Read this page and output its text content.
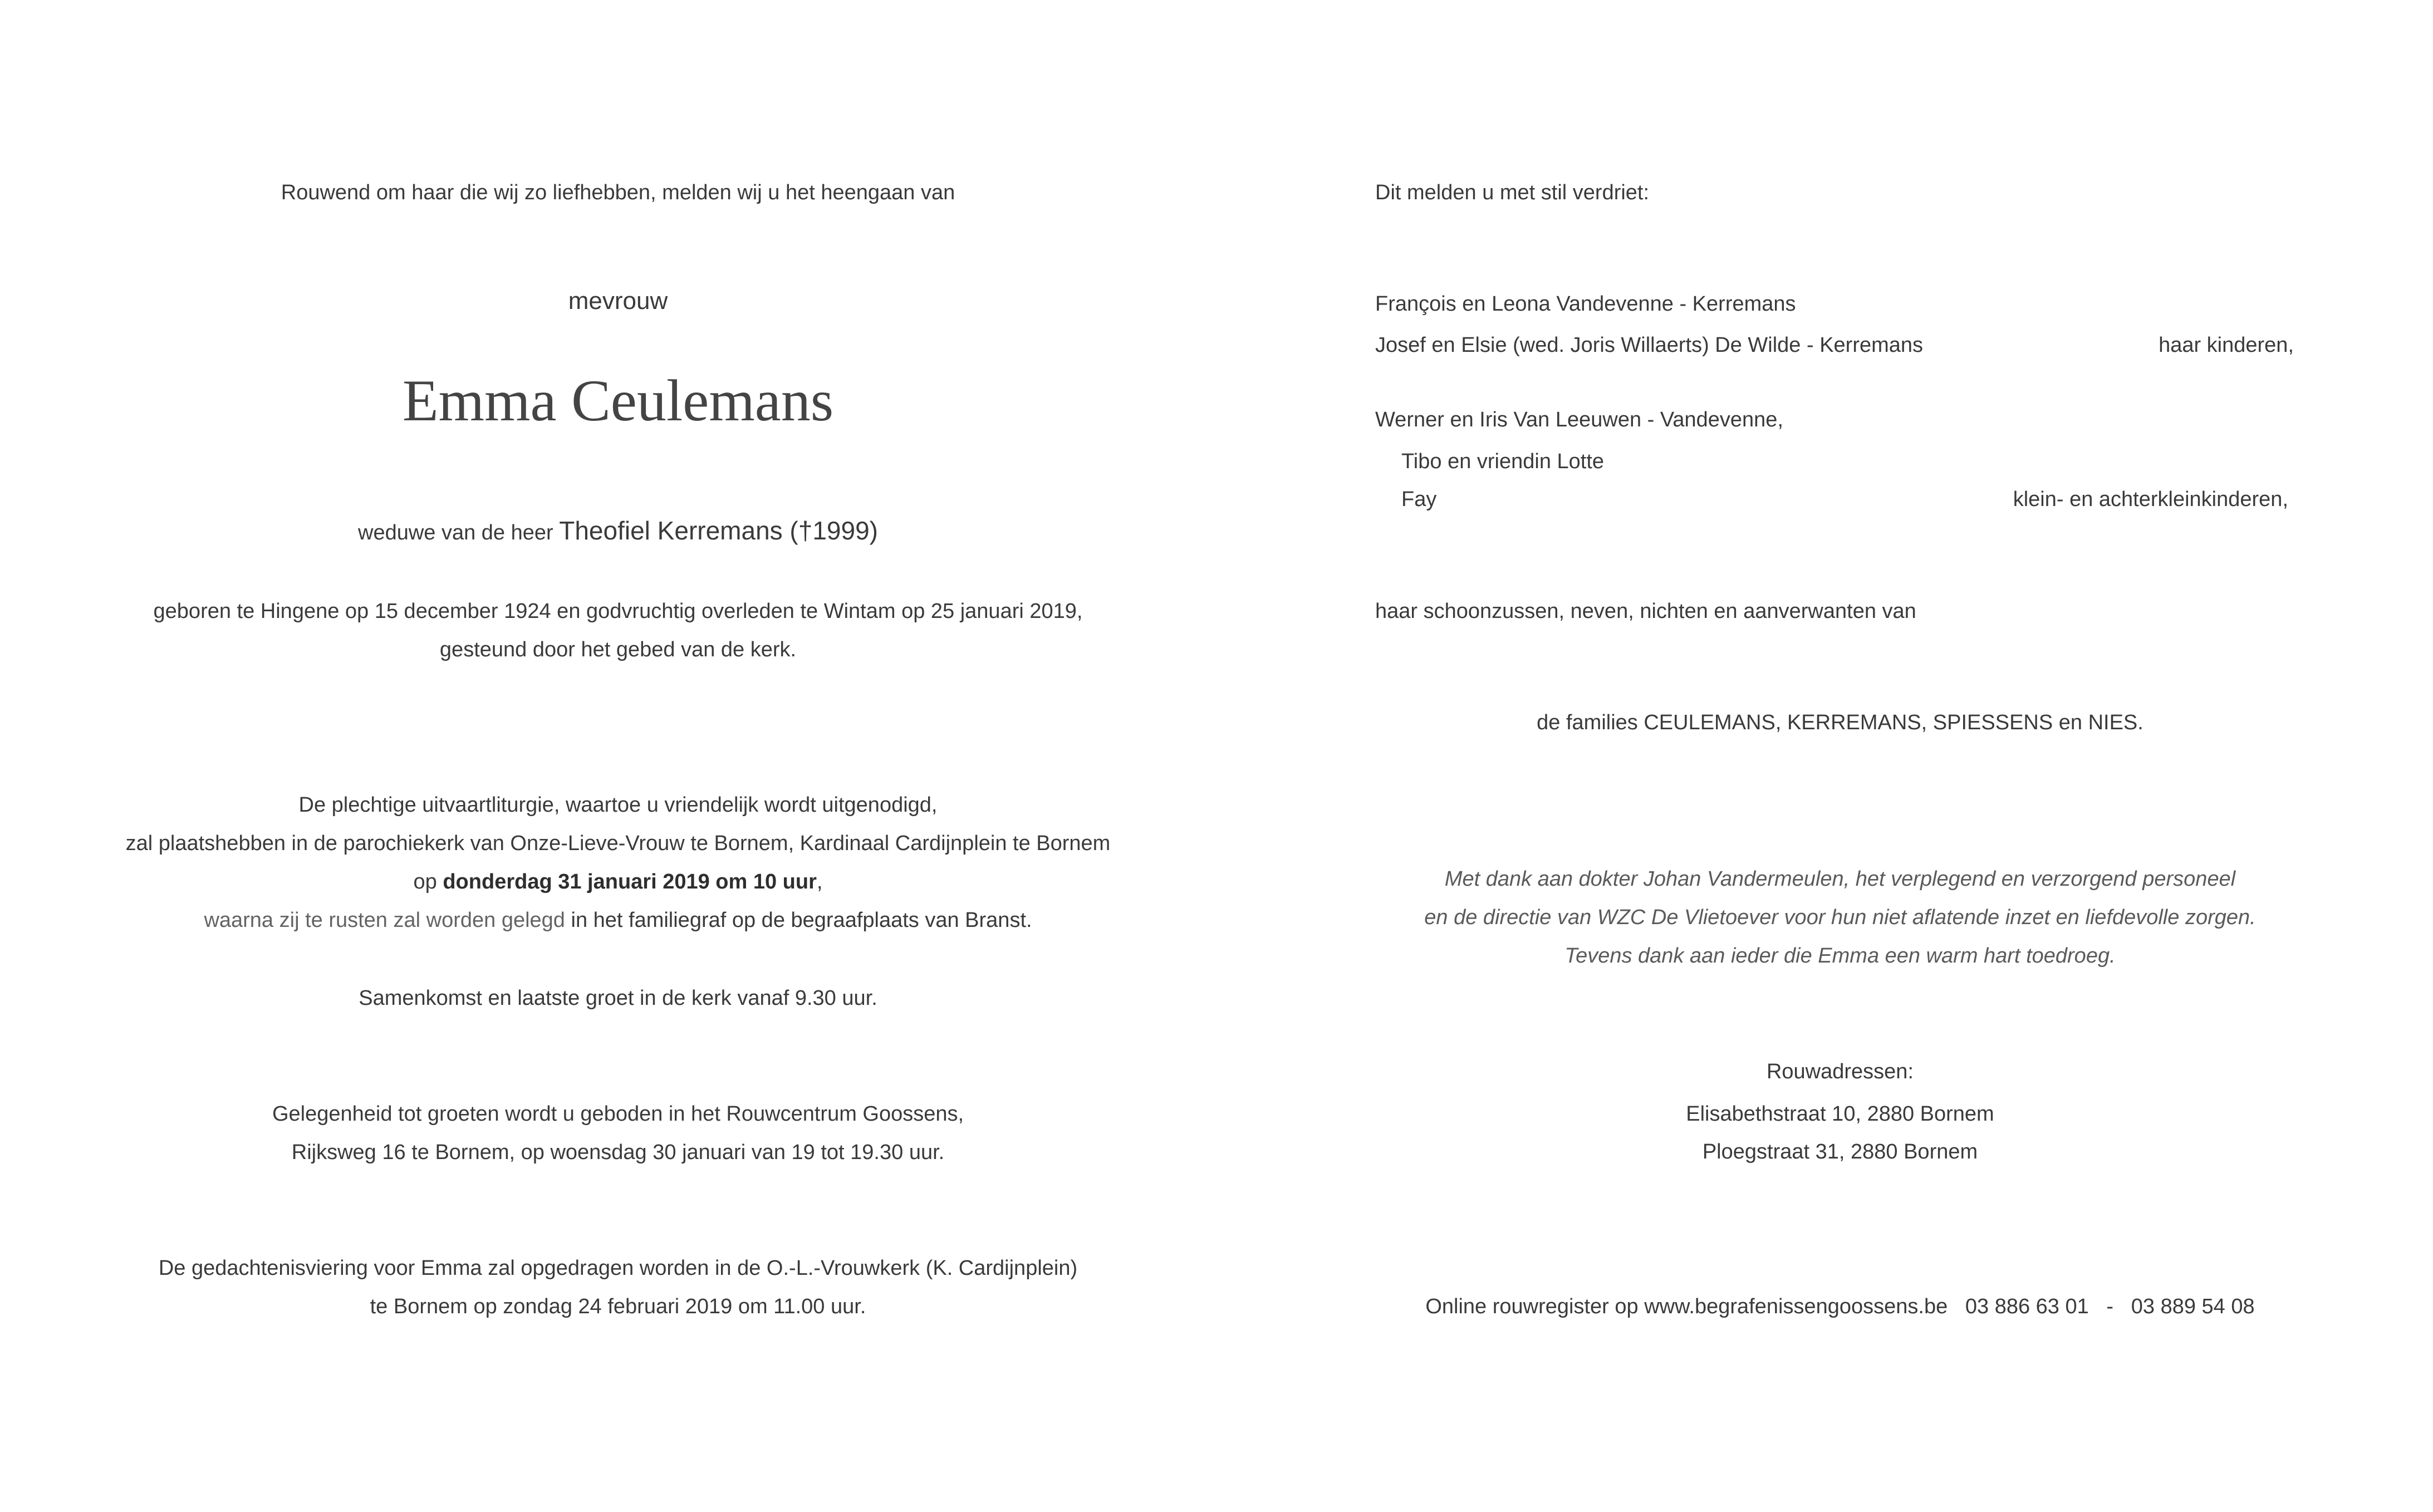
Rouwend om haar die wij zo liefhebben, melden wij u het heengaan van
mevrouw
Emma Ceulemans
weduwe van de heer Theofiel Kerremans (†1999)
geboren te Hingene op 15 december 1924 en godvruchtig overleden te Wintam op 25 januari 2019,
gesteund door het gebed van de kerk.
De plechtige uitvaartliturgie, waartoe u vriendelijk wordt uitgenodigd,
zal plaatshebben in de parochiekerk van Onze-Lieve-Vrouw te Bornem, Kardinaal Cardijnplein te Bornem
op donderdag 31 januari 2019 om 10 uur,
waarna zij te rusten zal worden gelegd in het familiegraf op de begraafplaats van Branst.
Samenkomst en laatste groet in de kerk vanaf 9.30 uur.
Gelegenheid tot groeten wordt u geboden in het Rouwcentrum Goossens,
Rijksweg 16 te Bornem, op woensdag 30 januari van 19 tot 19.30 uur.
De gedachtenisviering voor Emma zal opgedragen worden in de O.-L.-Vrouwkerk (K. Cardijnplein)
te Bornem op zondag 24 februari 2019 om 11.00 uur.
Dit melden u met stil verdriet:
François en Leona Vandevenne - Kerremans
Josef en Elsie (wed. Joris Willaerts) De Wilde - Kerremans	haar kinderen,
Werner en Iris Van Leeuwen - Vandevenne,
Tibo en vriendin Lotte
Fay	klein- en achterkleinkinderen,
haar schoonzussen, neven, nichten en aanverwanten van
de families CEULEMANS, KERREMANS, SPIESSENS en NIES.
Met dank aan dokter Johan Vandermeulen, het verplegend en verzorgend personeel
en de directie van WZC De Vlietoever voor hun niet aflatende inzet en liefdevolle zorgen.
Tevens dank aan ieder die Emma een warm hart toedroeg.
Rouwadressen:
Elisabethstraat 10, 2880 Bornem
Ploegstraat 31, 2880 Bornem
Online rouwregister op www.begrafenissengoossens.be   03 886 63 01   -   03 889 54 08
